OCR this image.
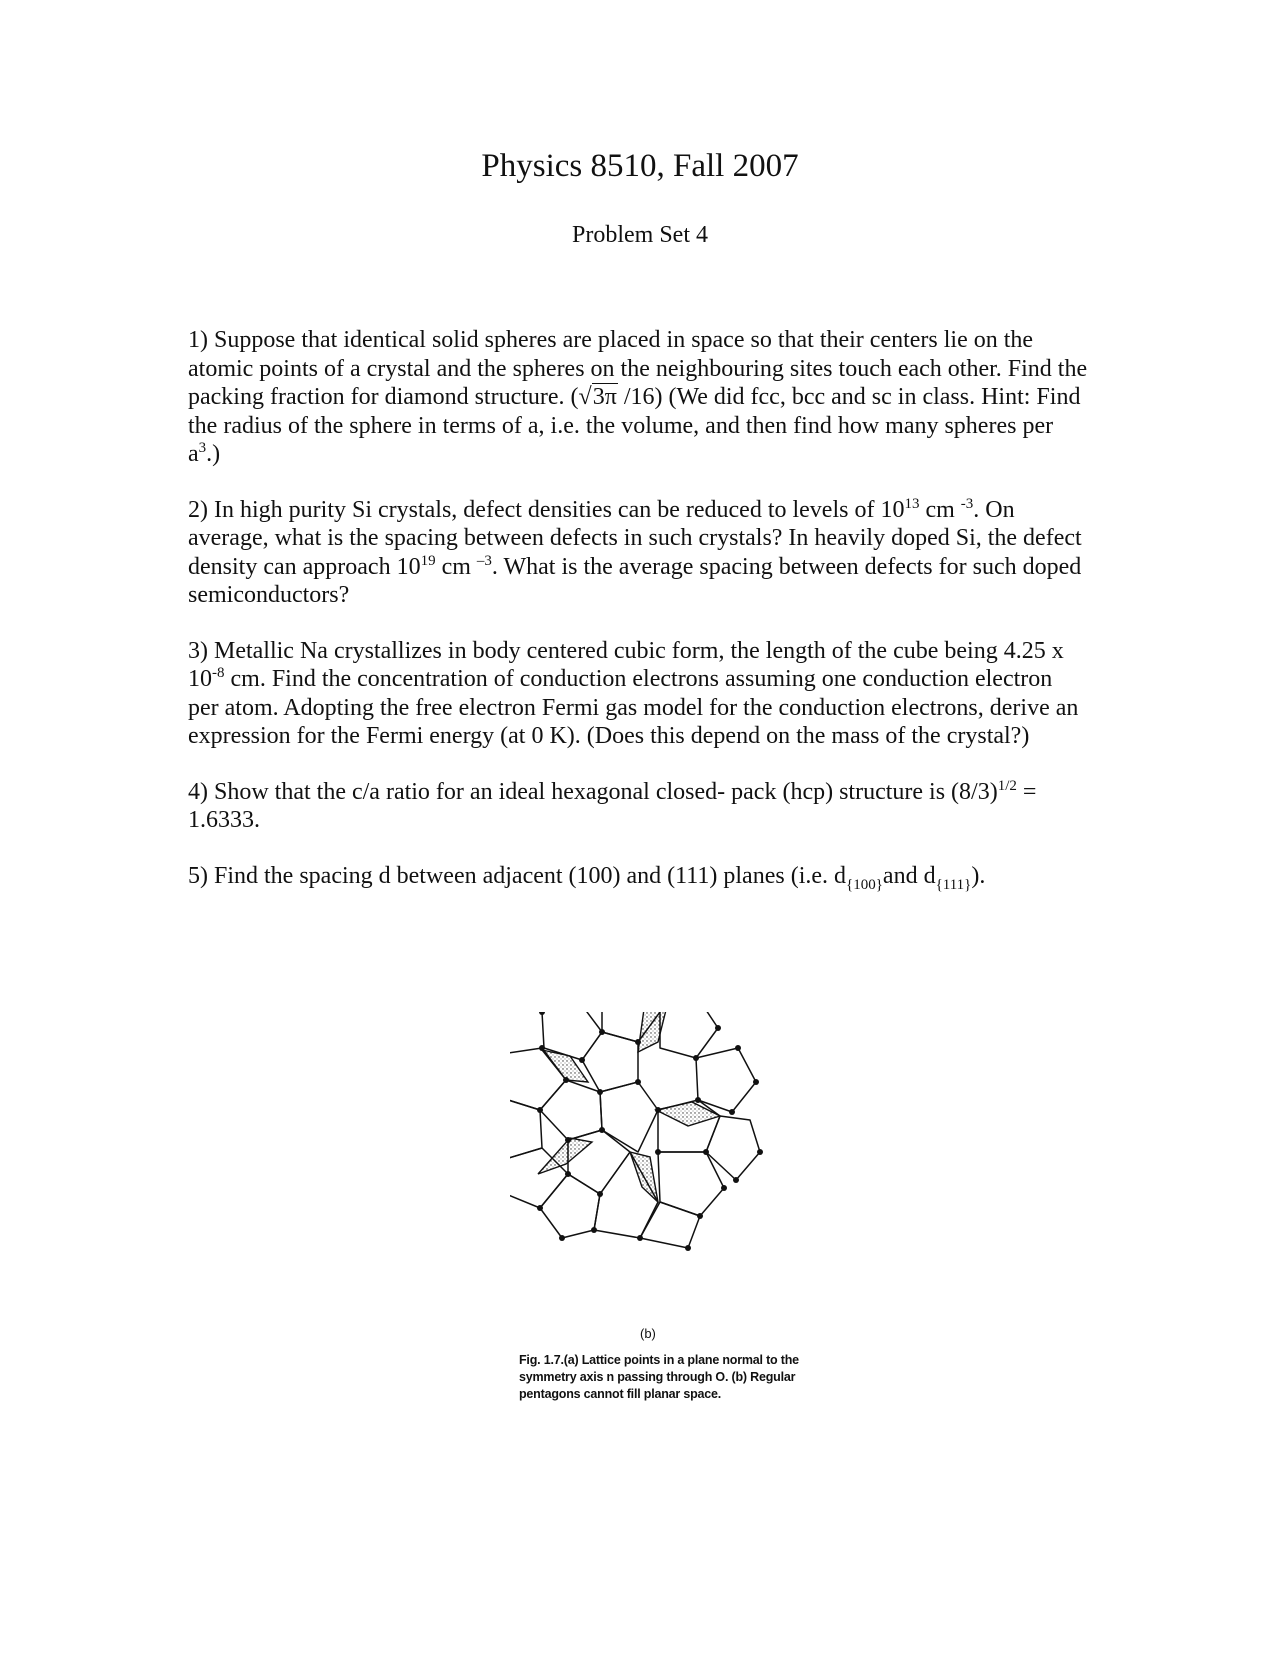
Physics 8510, Fall 2007
Problem Set 4

1) Suppose that identical solid spheres are placed in space so that their centers lie on the atomic points of a crystal and the spheres on the neighbouring sites touch each other. Find the packing fraction for diamond structure. (√3π /16) (We did fcc, bcc and sc in class. Hint: Find the radius of the sphere in terms of a, i.e. the volume, and then find how many spheres per $a^3$.)

2) In high purity Si crystals, defect densities can be reduced to levels of $10^{13}$ cm $^{-3}$. On average, what is the spacing between defects in such crystals? In heavily doped Si, the defect density can approach $10^{19}$ cm $^{-3}$. What is the average spacing between defects for such doped semiconductors?

3) Metallic Na crystallizes in body centered cubic form, the length of the cube being 4.25 x $10^{-8}$ cm. Find the concentration of conduction electrons assuming one conduction electron per atom. Adopting the free electron Fermi gas model for the conduction electrons, derive an expression for the Fermi energy (at 0 K). (Does this depend on the mass of the crystal?)

4) Show that the c/a ratio for an ideal hexagonal closed- pack (hcp) structure is $(8/3)^{1/2} = 1.6333$.

5) Find the spacing d between adjacent (100) and (111) planes (i.e. $d_{\{100\}}and$ $d_{\{111\}}$).

(b)
Fig. 1.7.(a) Lattice points in a plane normal to the symmetry axis n passing through O. (b) Regular pentagons cannot fill planar space.
